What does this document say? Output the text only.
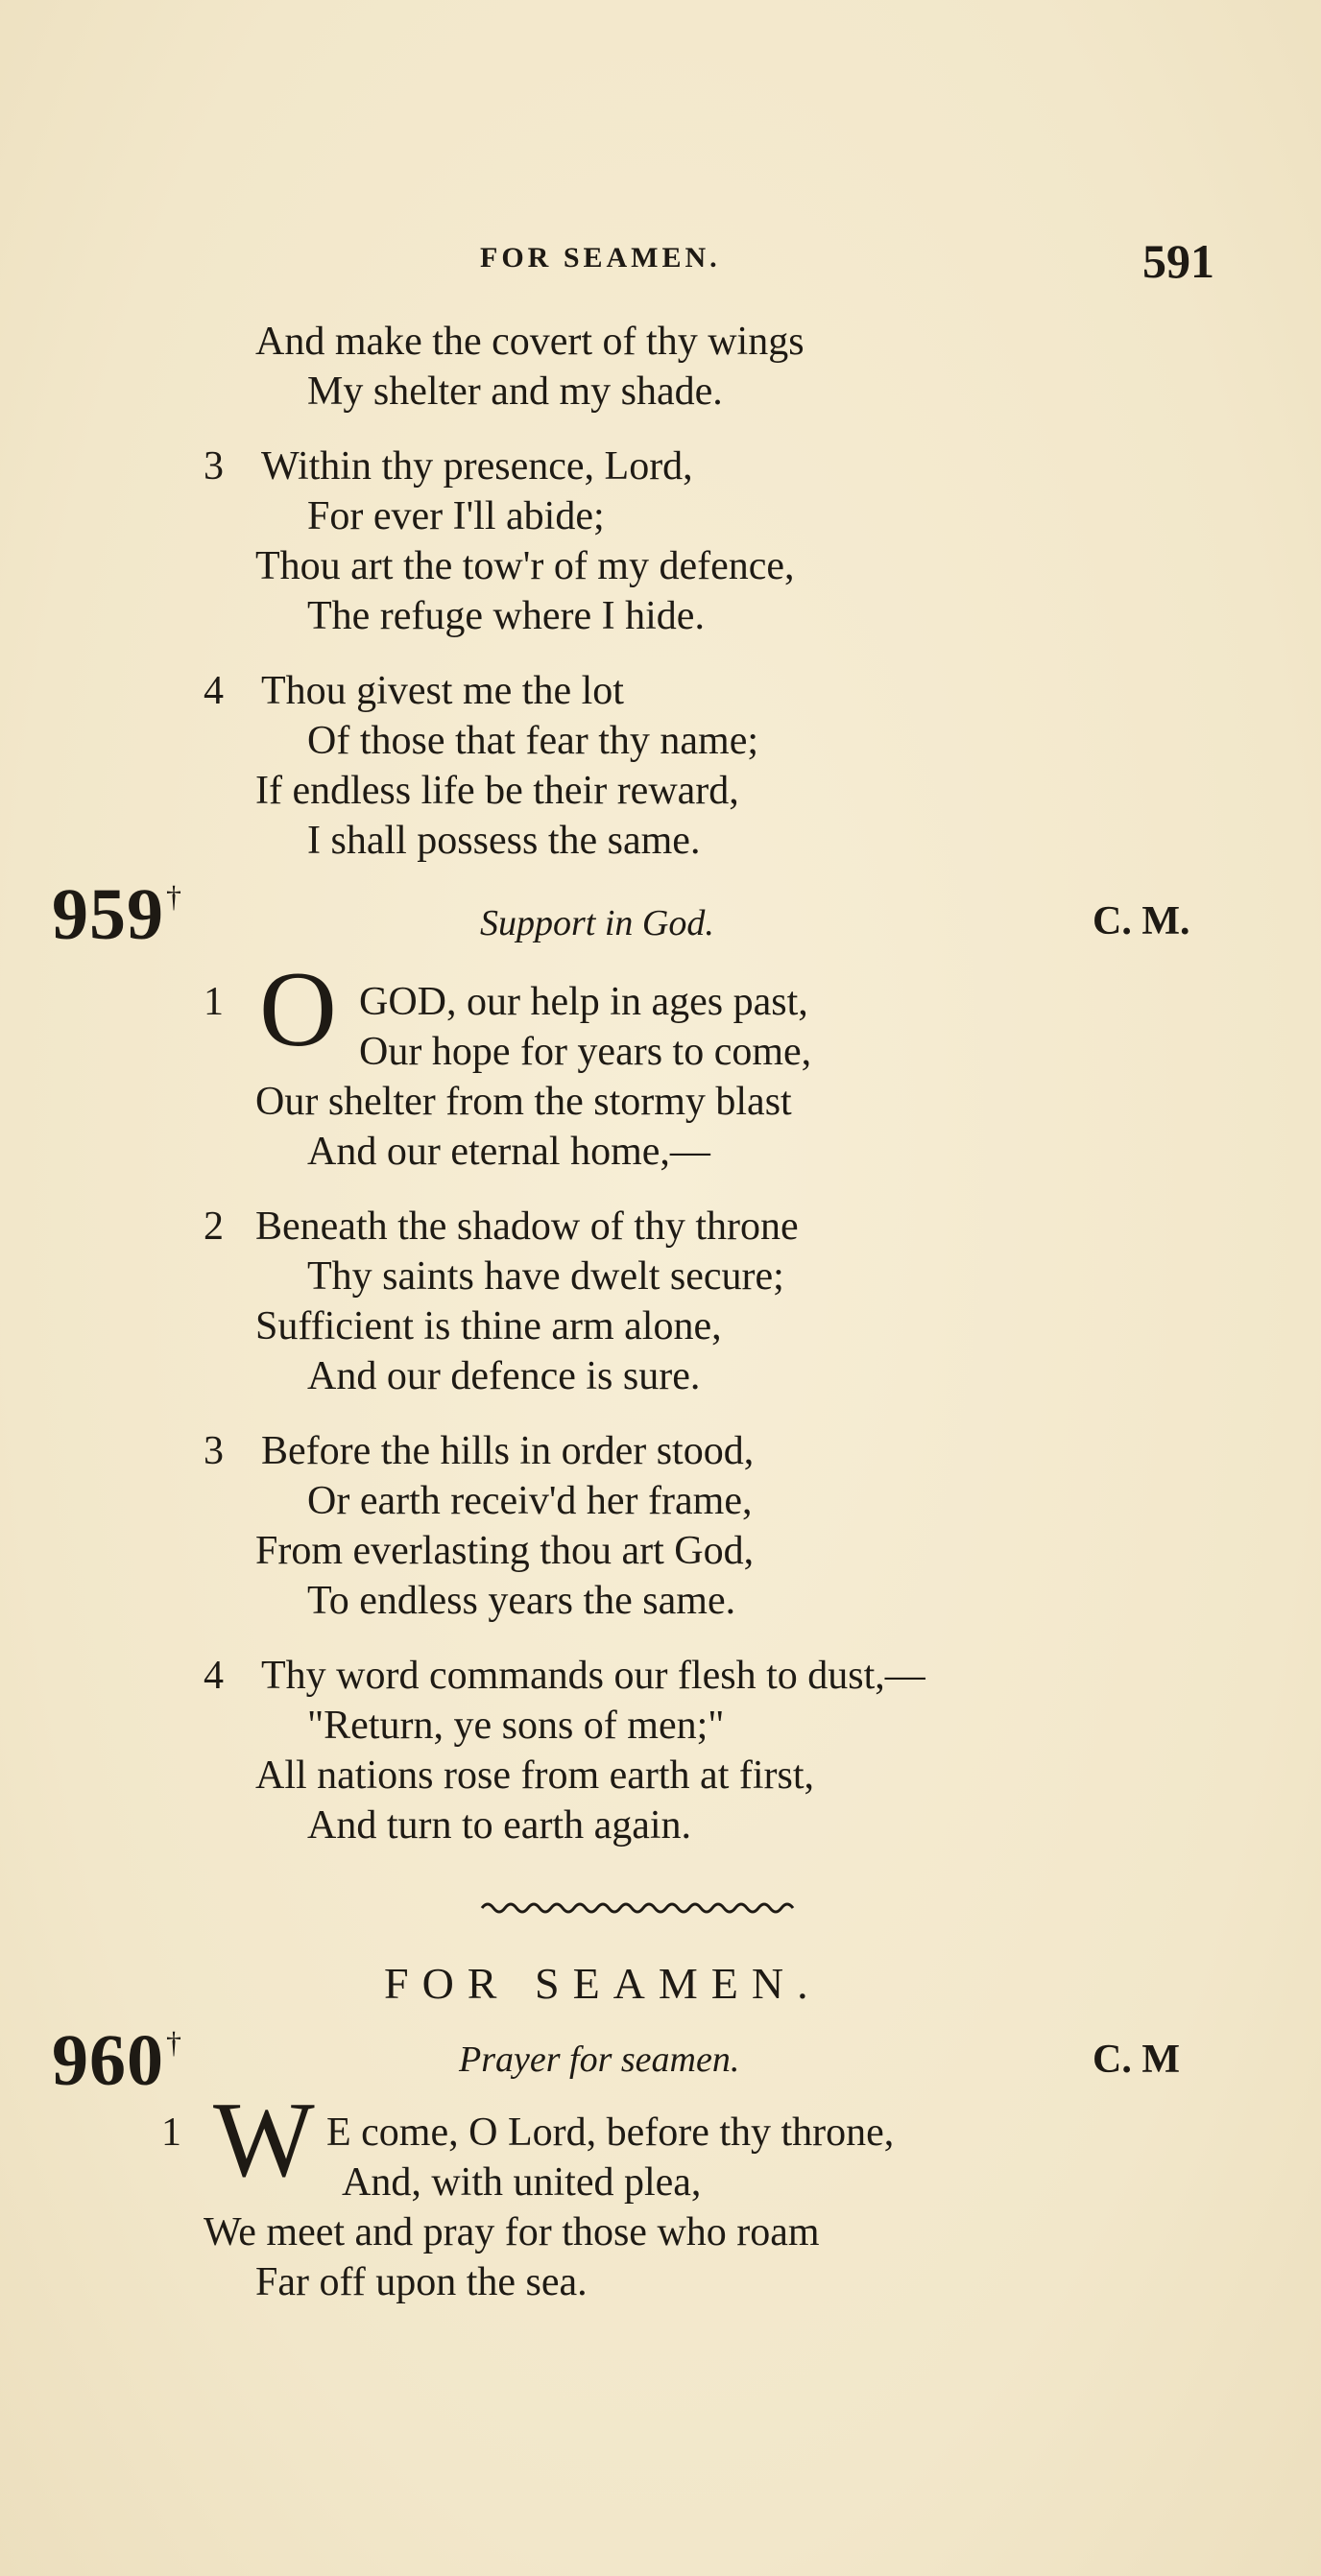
FOR SEAMEN.	591
And make the covert of thy wings
My shelter and my shade.
3 Within thy presence, Lord,
For ever I'll abide;
Thou art the tow'r of my defence,
The refuge where I hide.
4 Thou givest me the lot
Of those that fear thy name;
If endless life be their reward,
I shall possess the same.
959†
Support in God.	C. M.
1 O GOD, our help in ages past,
Our hope for years to come,
Our shelter from the stormy blast
And our eternal home,—
2 Beneath the shadow of thy throne
Thy saints have dwelt secure;
Sufficient is thine arm alone,
And our defence is sure.
3 Before the hills in order stood,
Or earth receiv'd her frame,
From everlasting thou art God,
To endless years the same.
4 Thy word commands our flesh to dust,—
"Return, ye sons of men;"
All nations rose from earth at first,
And turn to earth again.
FOR SEAMEN.
960†	Prayer for seamen.	C. M
1 W E come, O Lord, before thy throne,
And, with united plea,
We meet and pray for those who roam
Far off upon the sea.
